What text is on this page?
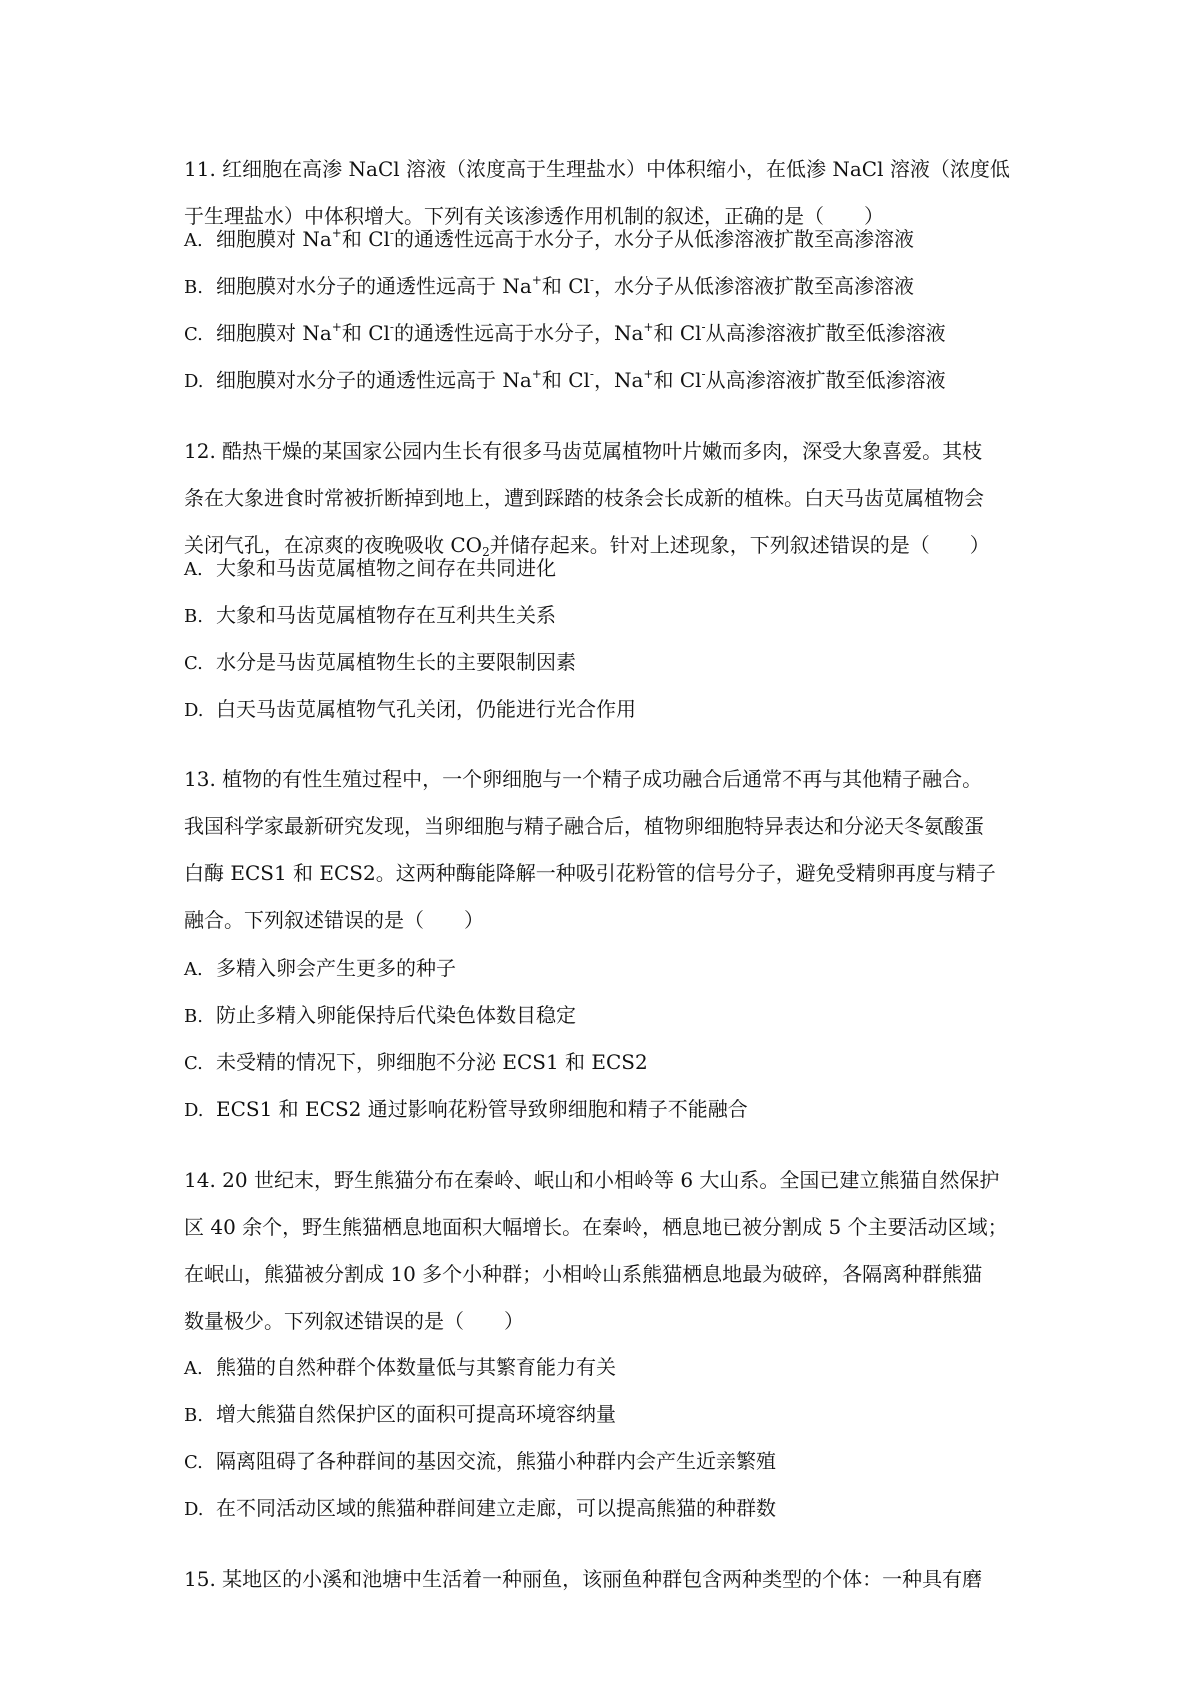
11. 红细胞在高渗 NaCl 溶液（浓度高于生理盐水）中体积缩小，在低渗 NaCl 溶液（浓度低
于生理盐水）中体积增大。下列有关该渗透作用机制的叙述，正确的是（　　）
A. 细胞膜对 Na+和 Cl-的通透性远高于水分子，水分子从低渗溶液扩散至高渗溶液
B. 细胞膜对水分子的通透性远高于 Na+和 Cl-，水分子从低渗溶液扩散至高渗溶液
C. 细胞膜对 Na+和 Cl-的通透性远高于水分子，Na+和 Cl-从高渗溶液扩散至低渗溶液
D. 细胞膜对水分子的通透性远高于 Na+和 Cl-，Na+和 Cl-从高渗溶液扩散至低渗溶液
12. 酷热干燥的某国家公园内生长有很多马齿苋属植物叶片嫩而多肉，深受大象喜爱。其枝
条在大象进食时常被折断掉到地上，遭到踩踏的枝条会长成新的植株。白天马齿苋属植物会
关闭气孔，在凉爽的夜晚吸收 $CO_2$并储存起来。针对上述现象，下列叙述错误的是（　　）
A. 大象和马齿苋属植物之间存在共同进化
B. 大象和马齿苋属植物存在互利共生关系
C. 水分是马齿苋属植物生长的主要限制因素
D. 白天马齿苋属植物气孔关闭，仍能进行光合作用
13. 植物的有性生殖过程中，一个卵细胞与一个精子成功融合后通常不再与其他精子融合。
我国科学家最新研究发现，当卵细胞与精子融合后，植物卵细胞特异表达和分泌天冬氨酸蛋
白酶 ECS1 和 ECS2。这两种酶能降解一种吸引花粉管的信号分子，避免受精卵再度与精子
融合。下列叙述错误的是（　　）
A. 多精入卵会产生更多的种子
B. 防止多精入卵能保持后代染色体数目稳定
C. 未受精的情况下，卵细胞不分泌 ECS1 和 ECS2
D. ECS1 和 ECS2 通过影响花粉管导致卵细胞和精子不能融合
14. 20 世纪末，野生熊猫分布在秦岭、岷山和小相岭等 6 大山系。全国已建立熊猫自然保护
区 40 余个，野生熊猫栖息地面积大幅增长。在秦岭，栖息地已被分割成 5 个主要活动区域；
在岷山，熊猫被分割成 10 多个小种群；小相岭山系熊猫栖息地最为破碎，各隔离种群熊猫
数量极少。下列叙述错误的是（　　）
A. 熊猫的自然种群个体数量低与其繁育能力有关
B. 增大熊猫自然保护区的面积可提高环境容纳量
C. 隔离阻碍了各种群间的基因交流，熊猫小种群内会产生近亲繁殖
D. 在不同活动区域的熊猫种群间建立走廊，可以提高熊猫的种群数
15. 某地区的小溪和池塘中生活着一种丽鱼，该丽鱼种群包含两种类型的个体：一种具有磨
